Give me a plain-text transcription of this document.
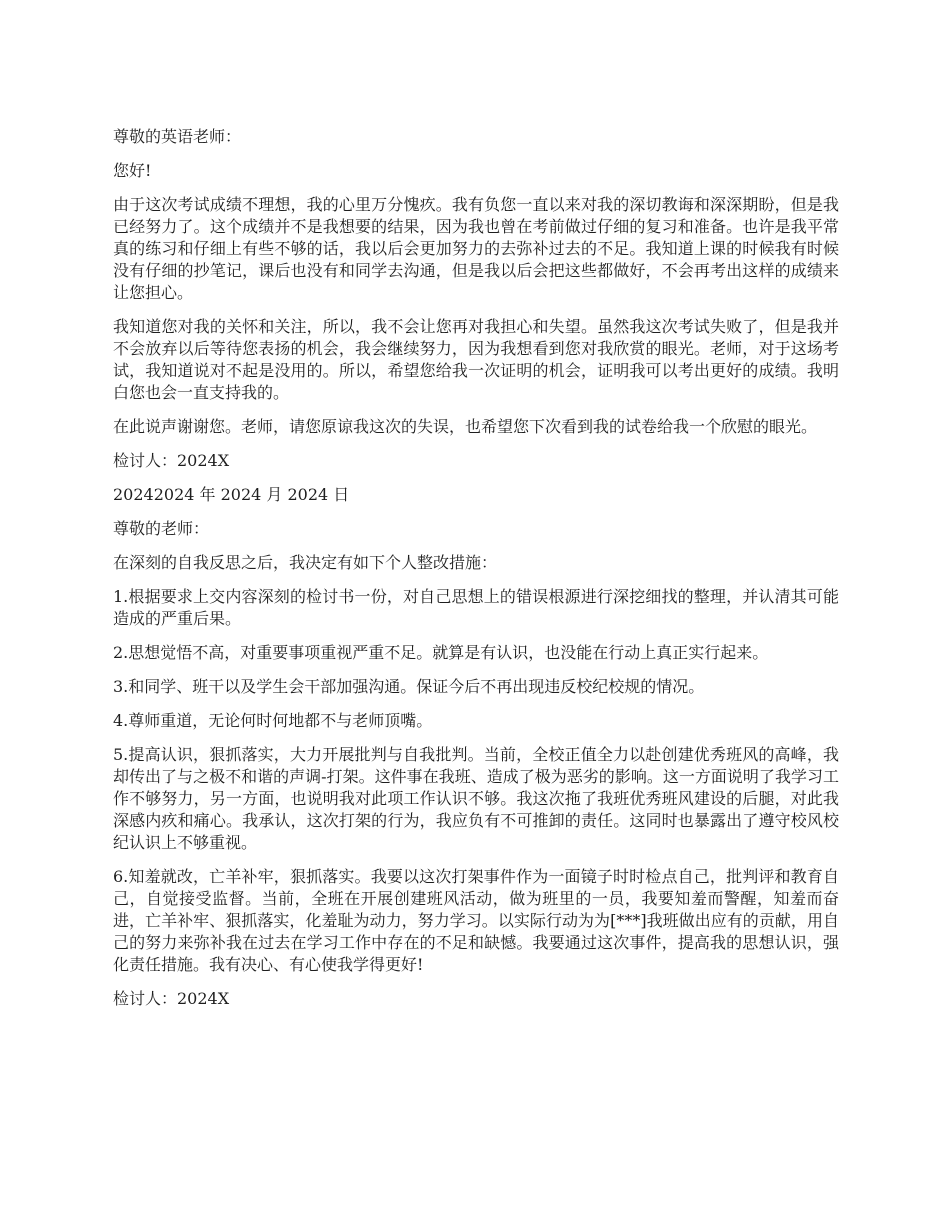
尊敬的英语老师：

您好!

由于这次考试成绩不理想，我的心里万分愧疚。我有负您一直以来对我的深切教诲和深深期盼，但是我已经努力了。这个成绩并不是我想要的结果，因为我也曾在考前做过仔细的复习和准备。也许是我平常真的练习和仔细上有些不够的话，我以后会更加努力的去弥补过去的不足。我知道上课的时候我有时候没有仔细的抄笔记，课后也没有和同学去沟通，但是我以后会把这些都做好，不会再考出这样的成绩来让您担心。

我知道您对我的关怀和关注，所以，我不会让您再对我担心和失望。虽然我这次考试失败了，但是我并不会放弃以后等待您表扬的机会，我会继续努力，因为我想看到您对我欣赏的眼光。老师，对于这场考试，我知道说对不起是没用的。所以，希望您给我一次证明的机会，证明我可以考出更好的成绩。我明白您也会一直支持我的。

在此说声谢谢您。老师，请您原谅我这次的失误，也希望您下次看到我的试卷给我一个欣慰的眼光。

检讨人：2024X

20242024 年 2024 月 2024 日

尊敬的老师：

在深刻的自我反思之后，我决定有如下个人整改措施：

1.根据要求上交内容深刻的检讨书一份，对自己思想上的错误根源进行深挖细找的整理，并认清其可能造成的严重后果。

2.思想觉悟不高，对重要事项重视严重不足。就算是有认识，也没能在行动上真正实行起来。

3.和同学、班干以及学生会干部加强沟通。保证今后不再出现违反校纪校规的情况。

4.尊师重道，无论何时何地都不与老师顶嘴。

5.提高认识，狠抓落实，大力开展批判与自我批判。当前，全校正值全力以赴创建优秀班风的高峰，我却传出了与之极不和谐的声调-打架。这件事在我班、造成了极为恶劣的影响。这一方面说明了我学习工作不够努力，另一方面，也说明我对此项工作认识不够。我这次拖了我班优秀班风建设的后腿，对此我深感内疚和痛心。我承认，这次打架的行为，我应负有不可推卸的责任。这同时也暴露出了遵守校风校纪认识上不够重视。

6.知羞就改，亡羊补牢，狠抓落实。我要以这次打架事件作为一面镜子时时检点自己，批判评和教育自己，自觉接受监督。当前，全班在开展创建班风活动，做为班里的一员，我要知羞而警醒，知羞而奋进，亡羊补牢、狠抓落实，化羞耻为动力，努力学习。以实际行动为为[***]我班做出应有的贡献，用自己的努力来弥补我在过去在学习工作中存在的不足和缺憾。我要通过这次事件，提高我的思想认识，强化责任措施。我有决心、有心使我学得更好!

检讨人：2024X
